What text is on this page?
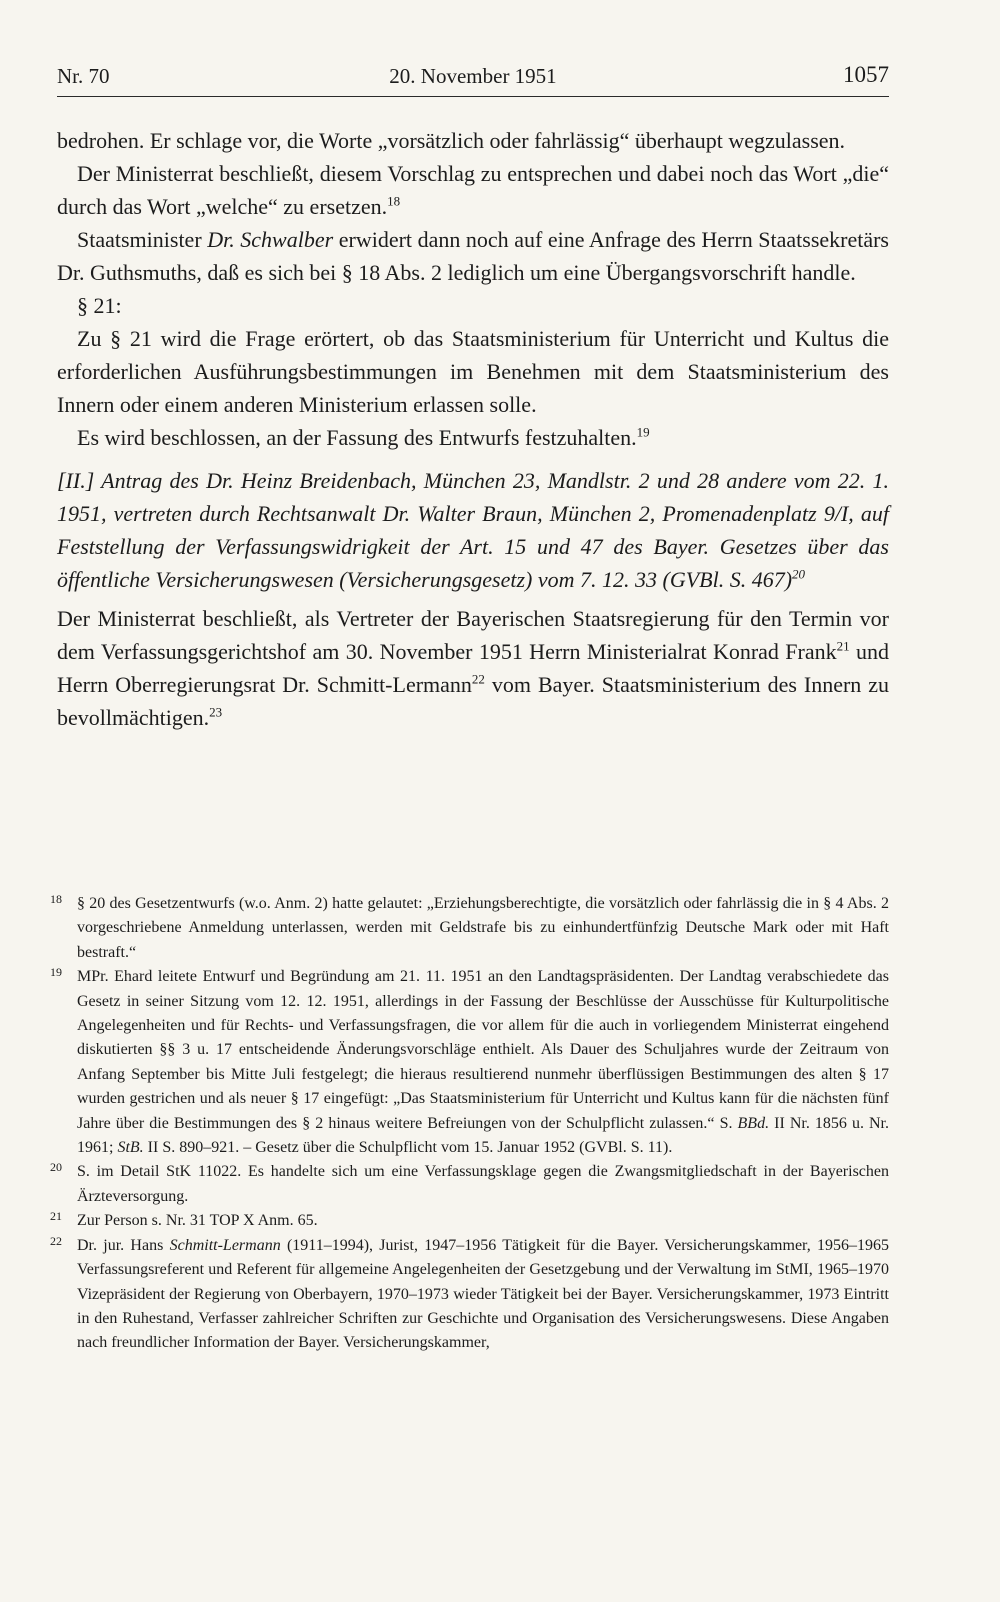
Nr. 70	20. November 1951	1057

bedrohen. Er schlage vor, die Worte „vorsätzlich oder fahrlässig“ überhaupt wegzulassen.

Der Ministerrat beschließt, diesem Vorschlag zu entsprechen und dabei noch das Wort „die“ durch das Wort „welche“ zu ersetzen.$^{18}$

Staatsminister Dr. Schwalber erwidert dann noch auf eine Anfrage des Herrn Staatssekretärs Dr. Guthsmuths, daß es sich bei § 18 Abs. 2 lediglich um eine Übergangsvorschrift handle.

§ 21:

Zu § 21 wird die Frage erörtert, ob das Staatsministerium für Unterricht und Kultus die erforderlichen Ausführungsbestimmungen im Benehmen mit dem Staatsministerium des Innern oder einem anderen Ministerium erlassen solle.

Es wird beschlossen, an der Fassung des Entwurfs festzuhalten.$^{19}$

[II.] Antrag des Dr. Heinz Breidenbach, München 23, Mandlstr. 2 und 28 andere vom 22. 1. 1951, vertreten durch Rechtsanwalt Dr. Walter Braun, München 2, Promenadenplatz 9/I, auf Feststellung der Verfassungswidrigkeit der Art. 15 und 47 des Bayer. Gesetzes über das öffentliche Versicherungswesen (Versicherungsgesetz) vom 7. 12. 33 (GVBl. S. 467)$^{20}$

Der Ministerrat beschließt, als Vertreter der Bayerischen Staatsregierung für den Termin vor dem Verfassungsgerichtshof am 30. November 1951 Herrn Ministerialrat Konrad Frank$^{21}$ und Herrn Oberregierungsrat Dr. Schmitt-Lermann$^{22}$ vom Bayer. Staatsministerium des Innern zu bevollmächtigen.$^{23}$

18 § 20 des Gesetzentwurfs (w.o. Anm. 2) hatte gelautet: „Erziehungsberechtigte, die vorsätzlich oder fahrlässig die in § 4 Abs. 2 vorgeschriebene Anmeldung unterlassen, werden mit Geldstrafe bis zu einhundertfünfzig Deutsche Mark oder mit Haft bestraft.“

19 MPr. Ehard leitete Entwurf und Begründung am 21. 11. 1951 an den Landtagspräsidenten. Der Landtag verabschiedete das Gesetz in seiner Sitzung vom 12. 12. 1951, allerdings in der Fassung der Beschlüsse der Ausschüsse für Kulturpolitische Angelegenheiten und für Rechts- und Verfassungsfragen, die vor allem für die auch in vorliegendem Ministerrat eingehend diskutierten §§ 3 u. 17 entscheidende Änderungsvorschläge enthielt. Als Dauer des Schuljahres wurde der Zeitraum von Anfang September bis Mitte Juli festgelegt; die hieraus resultierend nunmehr überflüssigen Bestimmungen des alten § 17 wurden gestrichen und als neuer § 17 eingefügt: „Das Staatsministerium für Unterricht und Kultus kann für die nächsten fünf Jahre über die Bestimmungen des § 2 hinaus weitere Befreiungen von der Schulpflicht zulassen.“ S. BBd. II Nr. 1856 u. Nr. 1961; StB. II S. 890–921. – Gesetz über die Schulpflicht vom 15. Januar 1952 (GVBl. S. 11).

20 S. im Detail StK 11022. Es handelte sich um eine Verfassungsklage gegen die Zwangsmitgliedschaft in der Bayerischen Ärzteversorgung.

21 Zur Person s. Nr. 31 TOP X Anm. 65.

22 Dr. jur. Hans Schmitt-Lermann (1911–1994), Jurist, 1947–1956 Tätigkeit für die Bayer. Versicherungskammer, 1956–1965 Verfassungsreferent und Referent für allgemeine Angelegenheiten der Gesetzgebung und der Verwaltung im StMI, 1965–1970 Vizepräsident der Regierung von Oberbayern, 1970–1973 wieder Tätigkeit bei der Bayer. Versicherungskammer, 1973 Eintritt in den Ruhestand, Verfasser zahlreicher Schriften zur Geschichte und Organisation des Versicherungswesens. Diese Angaben nach freundlicher Information der Bayer. Versicherungskammer,
